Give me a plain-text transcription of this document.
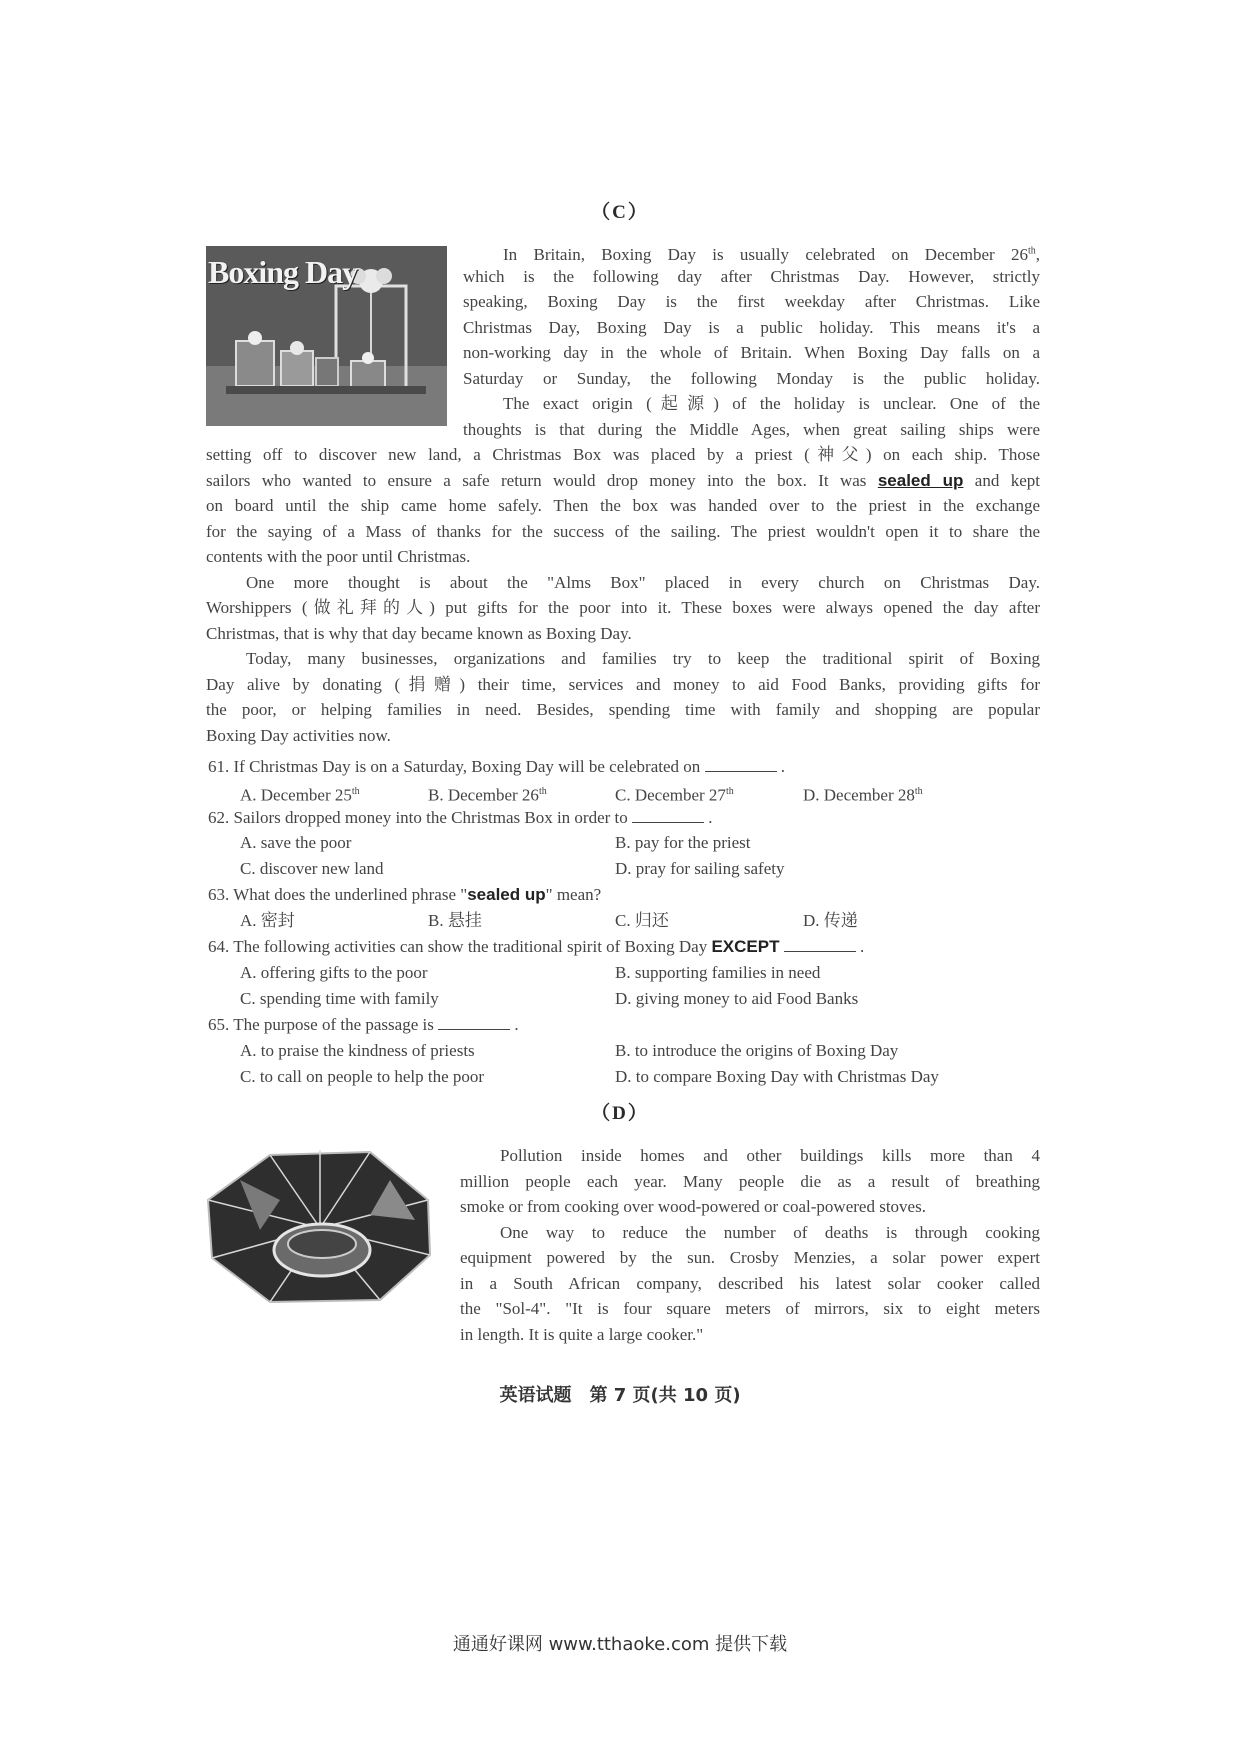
（C）
Boxing Day	In Britain, Boxing Day is usually celebrated on December 26th,
which is the following day after Christmas Day. However, strictly
speaking, Boxing Day is the first weekday after Christmas. Like
Christmas Day, Boxing Day is a public holiday. This means it's a
non-working day in the whole of Britain. When Boxing Day falls on a
Saturday or Sunday, the following Monday is the public holiday.
The exact origin (起源) of the holiday is unclear. One of the
thoughts is that during the Middle Ages, when great sailing ships were
setting off to discover new land, a Christmas Box was placed by a priest (神父) on each ship. Those
sailors who wanted to ensure a safe return would drop money into the box. It was sealed up and kept
on board until the ship came home safely. Then the box was handed over to the priest in the exchange
for the saying of a Mass of thanks for the success of the sailing. The priest wouldn't open it to share the
contents with the poor until Christmas.
One more thought is about the "Alms Box" placed in every church on Christmas Day.
Worshippers (做礼拜的人) put gifts for the poor into it. These boxes were always opened the day after
Christmas, that is why that day became known as Boxing Day.
Today, many businesses, organizations and families try to keep the traditional spirit of Boxing
Day alive by donating (捐赠) their time, services and money to aid Food Banks, providing gifts for
the poor, or helping families in need. Besides, spending time with family and shopping are popular
Boxing Day activities now.
61. If Christmas Day is on a Saturday, Boxing Day will be celebrated on	.
A. December 25th	B. December 26th	C. December 27th	D. December 28th
62. Sailors dropped money into the Christmas Box in order to	.
A. save the poor	B. pay for the priest
C. discover new land	D. pray for sailing safety
63. What does the underlined phrase "sealed up" mean?
A. 密封	B. 悬挂	C. 归还	D. 传递
64. The following activities can show the traditional spirit of Boxing Day EXCEPT	.
A. offering gifts to the poor	B. supporting families in need
C. spending time with family	D. giving money to aid Food Banks
65. The purpose of the passage is	.
A. to praise the kindness of priests	B. to introduce the origins of Boxing Day
C. to call on people to help the poor	D. to compare Boxing Day with Christmas Day
（D）
Pollution inside homes and other buildings kills more than 4
million people each year. Many people die as a result of breathing
smoke or from cooking over wood-powered or coal-powered stoves.
One way to reduce the number of deaths is through cooking
equipment powered by the sun. Crosby Menzies, a solar power expert
in a South African company, described his latest solar cooker called
the "Sol-4". "It is four square meters of mirrors, six to eight meters
in length. It is quite a large cooker."
英语试题　第 7 页(共 10 页)
通通好课网 www.tthaoke.com 提供下载
